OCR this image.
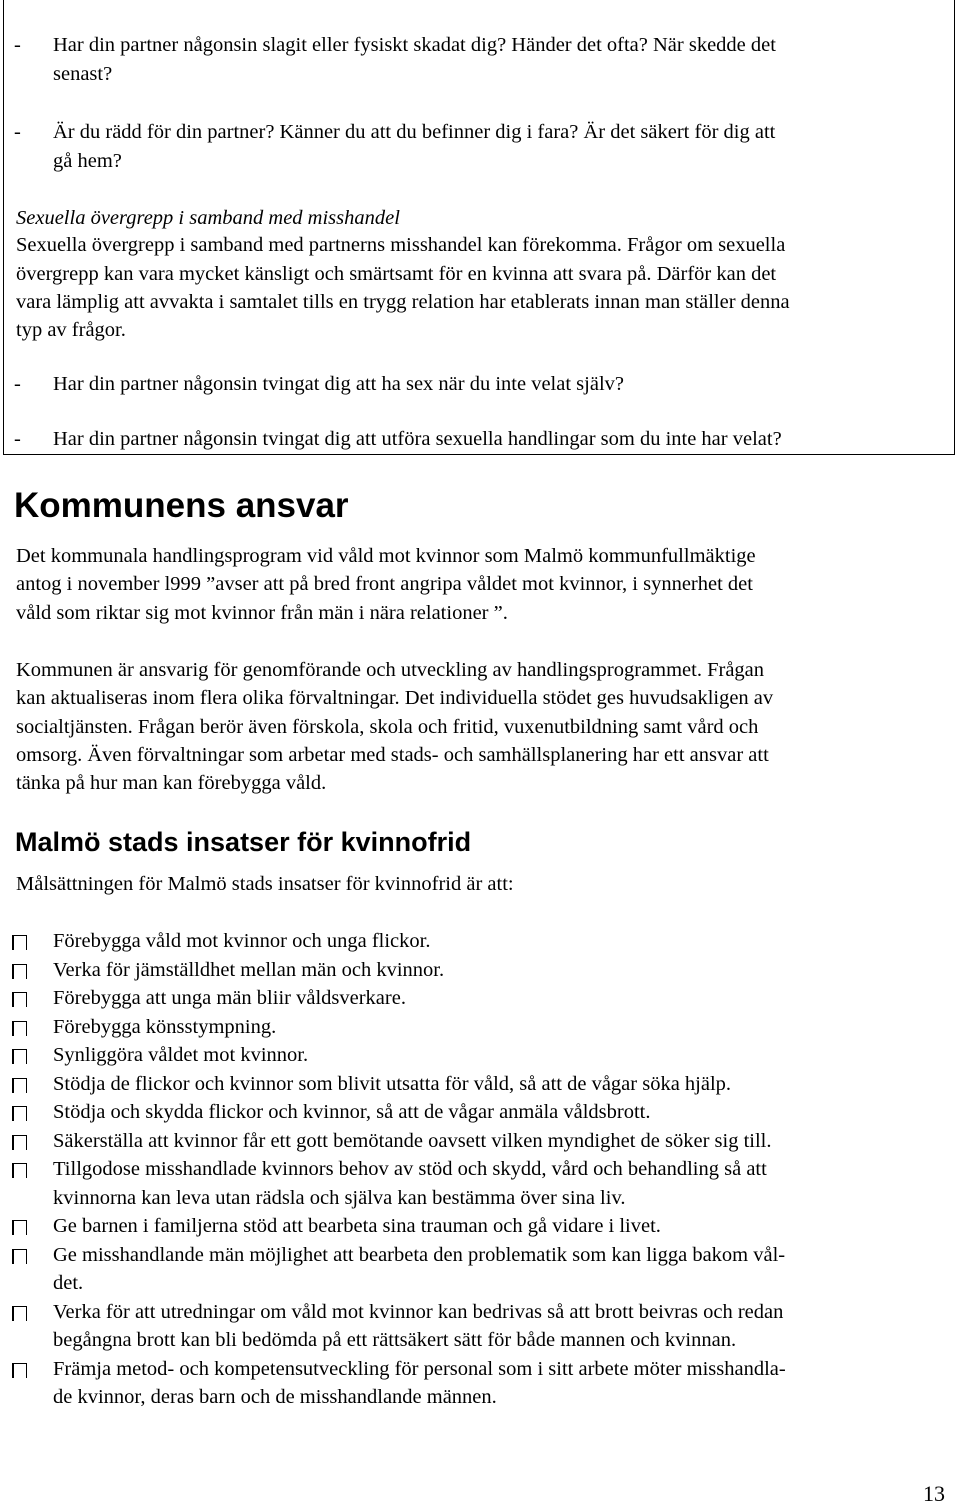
- Har din partner någonsin slagit eller fysiskt skadat dig? Händer det ofta? När skedde det
senast?
- Är du rädd för din partner? Känner du att du befinner dig i fara? Är det säkert för dig att
gå hem?

Sexuella övergrepp i samband med misshandel

Sexuella övergrepp i samband med partnerns misshandel kan förekomma. Frågor om sexuella

övergrepp kan vara mycket känsligt och smärtsamt för en kvinna att svara på. Därför kan det

vara lämplig att avvakta i samtalet tills en trygg relation har etablerats innan man ställer denna

typ av frågor.

- Har din partner någonsin tvingat dig att ha sex när du inte velat själv?
- Har din partner någonsin tvingat dig att utföra sexuella handlingar som du inte har velat?
Kommunens ansvar

Det kommunala handlingsprogram vid våld mot kvinnor som Malmö kommunfullmäktige

antog i november l999 ”avser att på bred front angripa våldet mot kvinnor, i synnerhet det

våld som riktar sig mot kvinnor från män i nära relationer ”.

Kommunen är ansvarig för genomförande och utveckling av handlingsprogrammet. Frågan

kan aktualiseras inom flera olika förvaltningar. Det individuella stödet ges huvudsakligen av

socialtjänsten. Frågan berör även förskola, skola och fritid, vuxenutbildning samt vård och

omsorg. Även förvaltningar som arbetar med stads- och samhällsplanering har ett ansvar att

tänka på hur man kan förebygga våld.

Malmö stads insatser för kvinnofrid

Målsättningen för Malmö stads insatser för kvinnofrid är att:

Förebygga våld mot kvinnor och unga flickor.
Verka för jämställdhet mellan män och kvinnor.
Förebygga att unga män bliir våldsverkare.
Förebygga könsstympning.
Synliggöra våldet mot kvinnor.
Stödja de flickor och kvinnor som blivit utsatta för våld, så att de vågar söka hjälp.
Stödja och skydda flickor och kvinnor, så att de vågar anmäla våldsbrott.
Säkerställa att kvinnor får ett gott bemötande oavsett vilken myndighet de söker sig till.
Tillgodose misshandlade kvinnors behov av stöd och skydd, vård och behandling så att
kvinnorna kan leva utan rädsla och själva kan bestämma över sina liv.
Ge barnen i familjerna stöd att bearbeta sina trauman och gå vidare i livet.
Ge misshandlande män möjlighet att bearbeta den problematik som kan ligga bakom vål-
det.
Verka för att utredningar om våld mot kvinnor kan bedrivas så att brott beivras och redan
begångna brott kan bli bedömda på ett rättsäkert sätt för både mannen och kvinnan.
Främja metod- och kompetensutveckling för personal som i sitt arbete möter misshandla-
de kvinnor, deras barn och de misshandlande männen.
13
